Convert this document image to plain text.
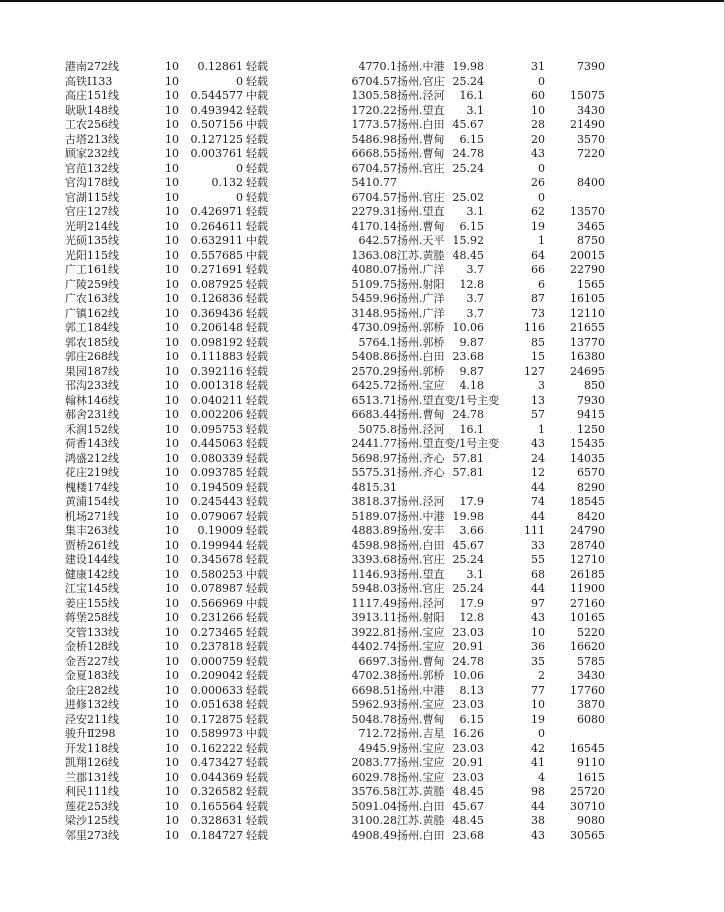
港南272线	10	0.12861 轻载	4770.1 扬州.中港 19.98	31	7390
高铁Ⅰ133	10	0 轻载	6704.57 扬州.官庄 25.24	0
高庄151线	10	0.544577 中载	1305.58 扬州.泾河	16.1	60	15075
耿耿148线	10	0.493942 轻载	1720.22 扬州.望直	3.1	10	3430
工农256线	10	0.507156 中载	1773.57 扬州.白田 45.67	28	21490
古塔213线	10	0.127125 轻载	5486.98 扬州.曹甸	6.15	20	3570
顾家232线	10	0.003761 轻载	6668.55 扬州.曹甸 24.78	43	7220
官范132线	10	0 轻载	6704.57 扬州.官庄 25.24	0
官沟178线	10	0.132 轻载	5410.77	26	8400
官湖115线	10	0 轻载	6704.57 扬州.官庄 25.02	0
官庄127线	10	0.426971 轻载	2279.31 扬州.望直	3.1	62	13570
光明214线	10	0.264611 轻载	4170.14 扬州.曹甸	6.15	19	3465
光硕135线	10	0.632911 中载	642.57 扬州.天平 15.92	1	8750
光阳115线	10	0.557685 中载	1363.08 江苏.黄塍 48.45	64	20015
广工161线	10	0.271691 轻载	4080.07 扬州.广洋	3.7	66	22790
广陵259线	10	0.087925 轻载	5109.75 扬州.射阳	12.8	6	1565
广农163线	10	0.126836 轻载	5459.96 扬州.广洋	3.7	87	16105
广镇162线	10	0.369436 轻载	3148.95 扬州.广洋	3.7	73	12110
郭工184线	10	0.206148 轻载	4730.09 扬州.郭桥 10.06	116	21655
郭农185线	10	0.098192 轻载	5764.1 扬州.郭桥	9.87	85	13770
郭庄268线	10	0.111883 轻载	5408.86 扬州.白田 23.68	15	16380
果园187线	10	0.392116 轻载	2570.29 扬州.郭桥	9.87	127	24695
邗沟233线	10	0.001318 轻载	6425.72 扬州.宝应	4.18	3	850
翰林146线	10	0.040211 轻载	6513.71 扬州.望直变/1号主变	13	7930
郝舍231线	10	0.002206 轻载	6683.44 扬州.曹甸 24.78	57	9415
禾润152线	10	0.095753 轻载	5075.8 扬州.泾河	16.1	1	1250
荷香143线	10	0.445063 轻载	2441.77 扬州.望直变/1号主变	43	15435
鸿盛212线	10	0.080339 轻载	5698.97 扬州.齐心 57.81	24	14035
花庄219线	10	0.093785 轻载	5575.31 扬州.齐心 57.81	12	6570
槐楼174线	10	0.194509 轻载	4815.31	44	8290
黄浦154线	10	0.245443 轻载	3818.37 扬州.泾河	17.9	74	18545
机场271线	10	0.079067 轻载	5189.07 扬州.中港 19.98	44	8420
集丰263线	10	0.19009 轻载	4883.89 扬州.安丰	3.66	111	24790
贾桥261线	10	0.199944 轻载	4598.98 扬州.白田 45.67	33	28740
建设144线	10	0.345678 轻载	3393.68 扬州.官庄 25.24	55	12710
健康142线	10	0.580253 中载	1146.93 扬州.望直	3.1	68	26185
江宝145线	10	0.078987 轻载	5948.03 扬州.官庄 25.24	44	11900
姜庄155线	10	0.566969 中载	1117.49 扬州.泾河	17.9	97	27160
蒋堡258线	10	0.231266 轻载	3913.11 扬州.射阳	12.8	43	10165
交管133线	10	0.273465 轻载	3922.81 扬州.宝应 23.03	10	5220
金桥128线	10	0.237818 轻载	4402.74 扬州.宝应 20.91	36	16620
金吾227线	10	0.000759 轻载	6697.3 扬州.曹甸 24.78	35	5785
金夏183线	10	0.209042 轻载	4702.38 扬州.郭桥 10.06	2	3430
金庄282线	10	0.000633 轻载	6698.51 扬州.中港	8.13	77	17760
进修132线	10	0.051638 轻载	5962.93 扬州.宝应 23.03	10	3870
泾安211线	10	0.172875 轻载	5048.78 扬州.曹甸	6.15	19	6080
骏升Ⅱ298	10	0.589973 中载	712.72 扬州.吉星 16.26	0
开发118线	10	0.162222 轻载	4945.9 扬州.宝应 23.03	42	16545
凯翔126线	10	0.473427 轻载	2083.77 扬州.宝应 20.91	41	9110
兰郡131线	10	0.044369 轻载	6029.78 扬州.宝应 23.03	4	1615
利民111线	10	0.326582 轻载	3576.58 江苏.黄塍 48.45	98	25720
莲花253线	10	0.165564 轻载	5091.04 扬州.白田 45.67	44	30710
梁沙125线	10	0.328631 轻载	3100.28 江苏.黄塍 48.45	38	9080
邻里273线	10	0.184727 轻载	4908.49 扬州.白田 23.68	43	30565
